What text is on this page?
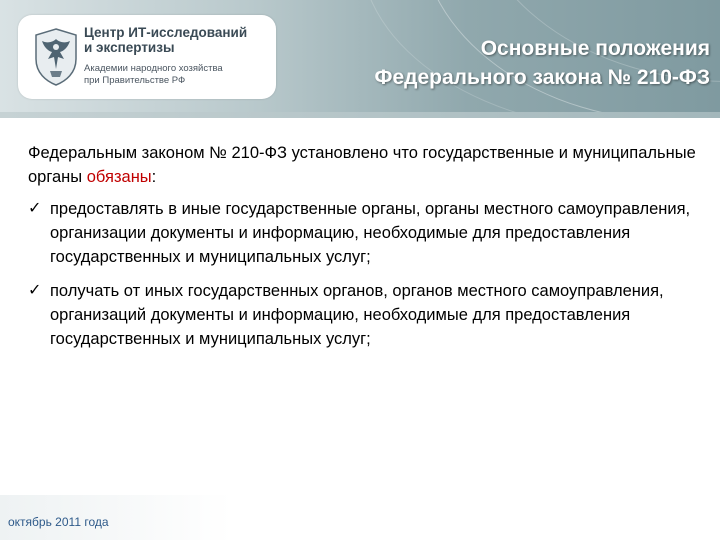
Центр ИТ-исследований
и экспертизы
Академии народного хозяйства
при Правительстве РФ
Основные положения
Федерального закона № 210-ФЗ

Федеральным законом № 210-ФЗ установлено что государственные и муниципальные органы обязаны:

✓ предоставлять в иные государственные органы, органы местного самоуправления, организации документы и информацию, необходимые для предоставления государственных и муниципальных услуг;
✓ получать от иных государственных органов, органов местного самоуправления, организаций документы и информацию, необходимые для предоставления государственных и муниципальных услуг;
октябрь 2011 года
